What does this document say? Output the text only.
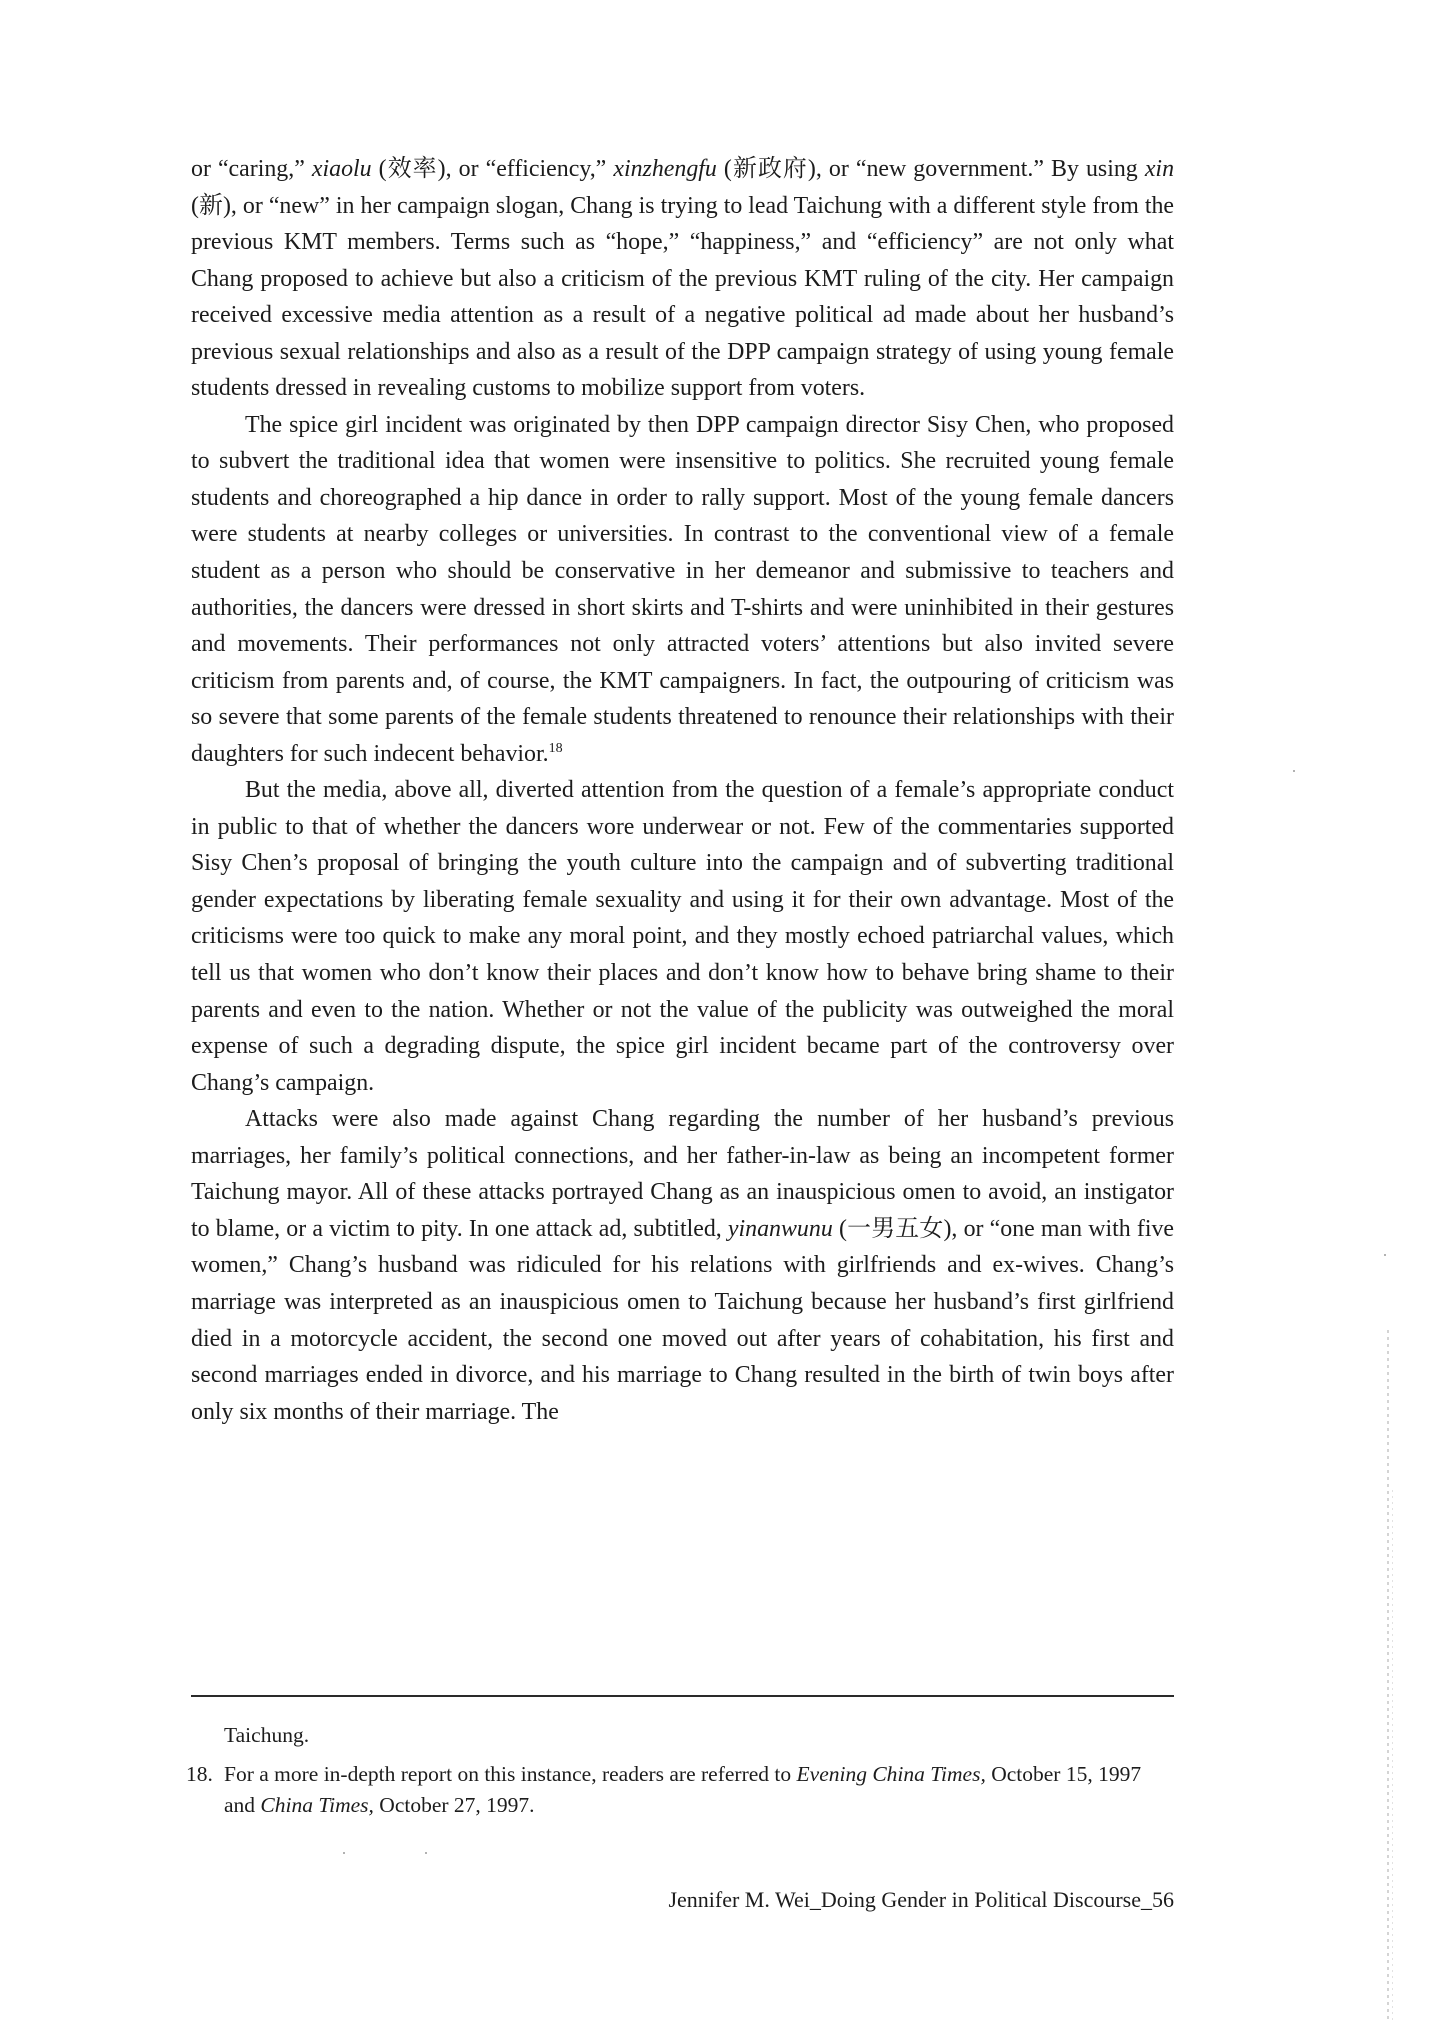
or “caring,” xiaolu (效率), or “efficiency,” xinzhengfu (新政府), or “new government.” By using xin (新), or “new” in her campaign slogan, Chang is trying to lead Taichung with a different style from the previous KMT members. Terms such as “hope,” “happiness,” and “efficiency” are not only what Chang proposed to achieve but also a criticism of the previous KMT ruling of the city. Her campaign received excessive media attention as a result of a negative political ad made about her husband’s previous sexual relationships and also as a result of the DPP campaign strategy of using young female students dressed in revealing customs to mobilize support from voters.

The spice girl incident was originated by then DPP campaign director Sisy Chen, who proposed to subvert the traditional idea that women were insensitive to politics. She recruited young female students and choreographed a hip dance in order to rally support. Most of the young female dancers were students at nearby colleges or universities. In contrast to the conventional view of a female student as a person who should be conservative in her demeanor and submissive to teachers and authorities, the dancers were dressed in short skirts and T-shirts and were uninhibited in their gestures and movements. Their performances not only attracted voters’ attentions but also invited severe criticism from parents and, of course, the KMT campaigners. In fact, the outpouring of criticism was so severe that some parents of the female students threatened to renounce their relationships with their daughters for such indecent behavior.$^{18}$

But the media, above all, diverted attention from the question of a female’s appropriate conduct in public to that of whether the dancers wore underwear or not. Few of the commentaries supported Sisy Chen’s proposal of bringing the youth culture into the campaign and of subverting traditional gender expectations by liberating female sexuality and using it for their own advantage. Most of the criticisms were too quick to make any moral point, and they mostly echoed patriarchal values, which tell us that women who don’t know their places and don’t know how to behave bring shame to their parents and even to the nation. Whether or not the value of the publicity was outweighed the moral expense of such a degrading dispute, the spice girl incident became part of the controversy over Chang’s campaign.

Attacks were also made against Chang regarding the number of her husband’s previous marriages, her family’s political connections, and her father-in-law as being an incompetent former Taichung mayor. All of these attacks portrayed Chang as an inauspicious omen to avoid, an instigator to blame, or a victim to pity. In one attack ad, subtitled, yinanwunu (一男五女), or “one man with five women,” Chang’s husband was ridiculed for his relations with girlfriends and ex-wives. Chang’s marriage was interpreted as an inauspicious omen to Taichung because her husband’s first girlfriend died in a motorcycle accident, the second one moved out after years of cohabitation, his first and second marriages ended in divorce, and his marriage to Chang resulted in the birth of twin boys after only six months of their marriage. The

Taichung.

18. For a more in-depth report on this instance, readers are referred to Evening China Times, October 15, 1997 and China Times, October 27, 1997.
Jennifer M. Wei_Doing Gender in Political Discourse_56
